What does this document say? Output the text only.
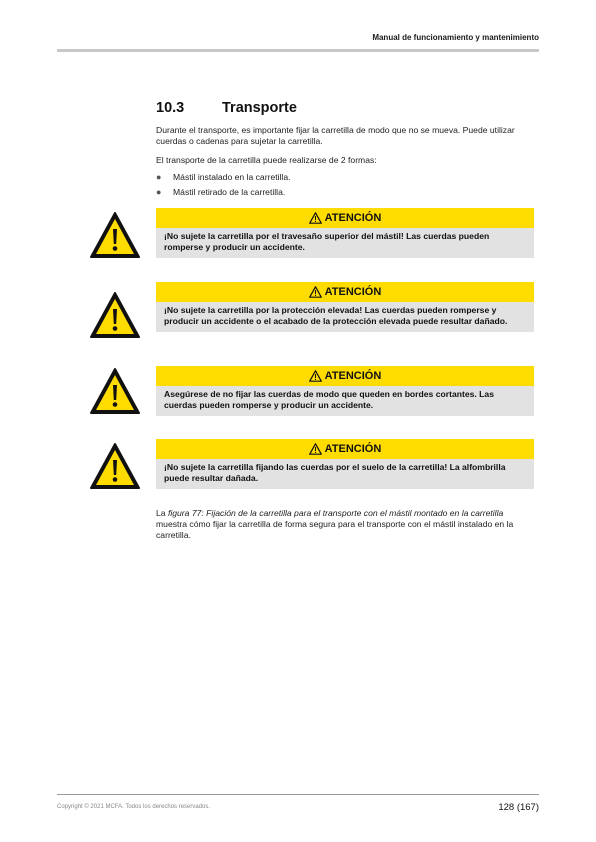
Manual de funcionamiento y mantenimiento
10.3	Transporte

Durante el transporte, es importante fijar la carretilla de modo que no se mueva. Puede utilizar cuerdas o cadenas para sujetar la carretilla.

El transporte de la carretilla puede realizarse de 2 formas:

● Mástil instalado en la carretilla.
● Mástil retirado de la carretilla.
ATENCIÓN
¡No sujete la carretilla por el travesaño superior del mástil! Las cuerdas pueden romperse y producir un accidente.
ATENCIÓN
¡No sujete la carretilla por la protección elevada! Las cuerdas pueden romperse y producir un accidente o el acabado de la protección elevada puede resultar dañado.
ATENCIÓN
Asegúrese de no fijar las cuerdas de modo que queden en bordes cortantes. Las cuerdas pueden romperse y producir un accidente.
ATENCIÓN
¡No sujete la carretilla fijando las cuerdas por el suelo de la carretilla! La alfombrilla puede resultar dañada.

La figura 77: Fijación de la carretilla para el transporte con el mástil montado en la carretilla muestra cómo fijar la carretilla de forma segura para el transporte con el mástil instalado en la carretilla.

Copyright © 2021 MCFA. Todos los derechos reservados.	128 (167)
